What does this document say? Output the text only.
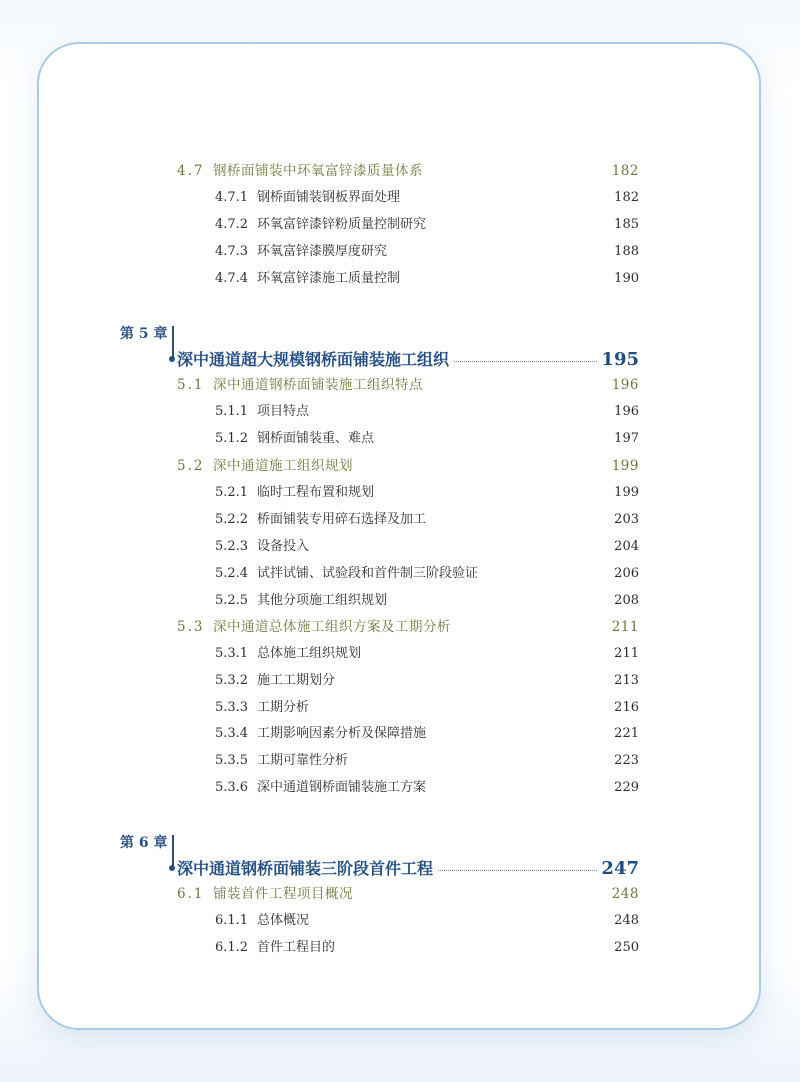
4.7 钢桥面铺装中环氧富锌漆质量体系	182
4.7.1 钢桥面铺装钢板界面处理	182
4.7.2 环氧富锌漆锌粉质量控制研究	185
4.7.3 环氧富锌漆膜厚度研究	188
4.7.4 环氧富锌漆施工质量控制	190
第 5 章
深中通道超大规模钢桥面铺装施工组织	195
5.1 深中通道钢桥面铺装施工组织特点	196
5.1.1 项目特点	196
5.1.2 钢桥面铺装重、难点	197
5.2 深中通道施工组织规划	199
5.2.1 临时工程布置和规划	199
5.2.2 桥面铺装专用碎石选择及加工	203
5.2.3 设备投入	204
5.2.4 试拌试铺、试验段和首件制三阶段验证	206
5.2.5 其他分项施工组织规划	208
5.3 深中通道总体施工组织方案及工期分析	211
5.3.1 总体施工组织规划	211
5.3.2 施工工期划分	213
5.3.3 工期分析	216
5.3.4 工期影响因素分析及保障措施	221
5.3.5 工期可靠性分析	223
5.3.6 深中通道钢桥面铺装施工方案	229
第 6 章
深中通道钢桥面铺装三阶段首件工程	247
6.1 铺装首件工程项目概况	248
6.1.1 总体概况	248
6.1.2 首件工程目的	250
